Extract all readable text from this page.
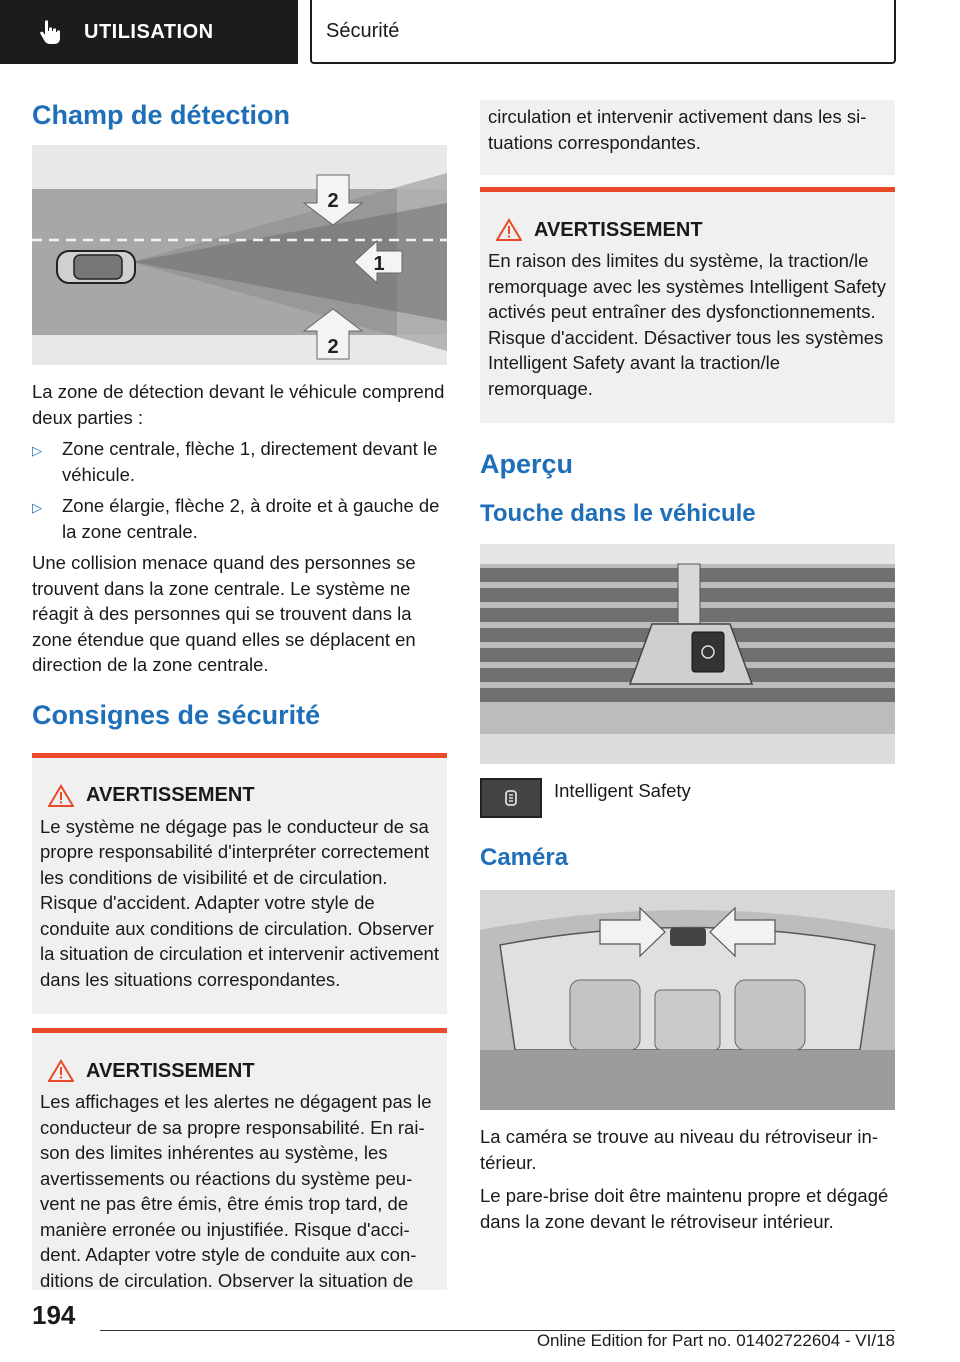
UTILISATION	Sécurité
Champ de détection
2
1
2

La zone de détection devant le véhicule comprend deux parties :

▷	Zone centrale, flèche 1, directement devant le véhicule.
▷	Zone élargie, flèche 2, à droite et à gauche de la zone centrale.

Une collision menace quand des personnes se trouvent dans la zone centrale. Le système ne réagit à des personnes qui se trouvent dans la zone étendue que quand elles se déplacent en direction de la zone centrale.

Consignes de sécurité
AVERTISSEMENT

Le système ne dégage pas le conducteur de sa propre responsabilité d'interpréter correctement les conditions de visibilité et de circulation. Risque d'accident. Adapter votre style de conduite aux conditions de circulation. Observer la situation de circulation et intervenir activement dans les situations correspondantes.

AVERTISSEMENT

Les affichages et les alertes ne dégagent pas le conducteur de sa propre responsabilité. En raison des limites inhérentes au système, les avertissements ou réactions du système peuvent ne pas être émis, être émis trop tard, de manière erronée ou injustifiée. Risque d'accident. Adapter votre style de conduite aux conditions de circulation. Observer la situation de

circulation et intervenir activement dans les situations correspondantes.

AVERTISSEMENT

En raison des limites du système, la traction/le remorquage avec les systèmes Intelligent Safety activés peut entraîner des dysfonctionnements. Risque d'accident. Désactiver tous les systèmes Intelligent Safety avant la traction/le remorquage.

Aperçu
Touche dans le véhicule
Intelligent Safety
Caméra

La caméra se trouve au niveau du rétroviseur intérieur.

Le pare-brise doit être maintenu propre et dégagé dans la zone devant le rétroviseur intérieur.

194
Online Edition for Part no. 01402722604 - VI/18
